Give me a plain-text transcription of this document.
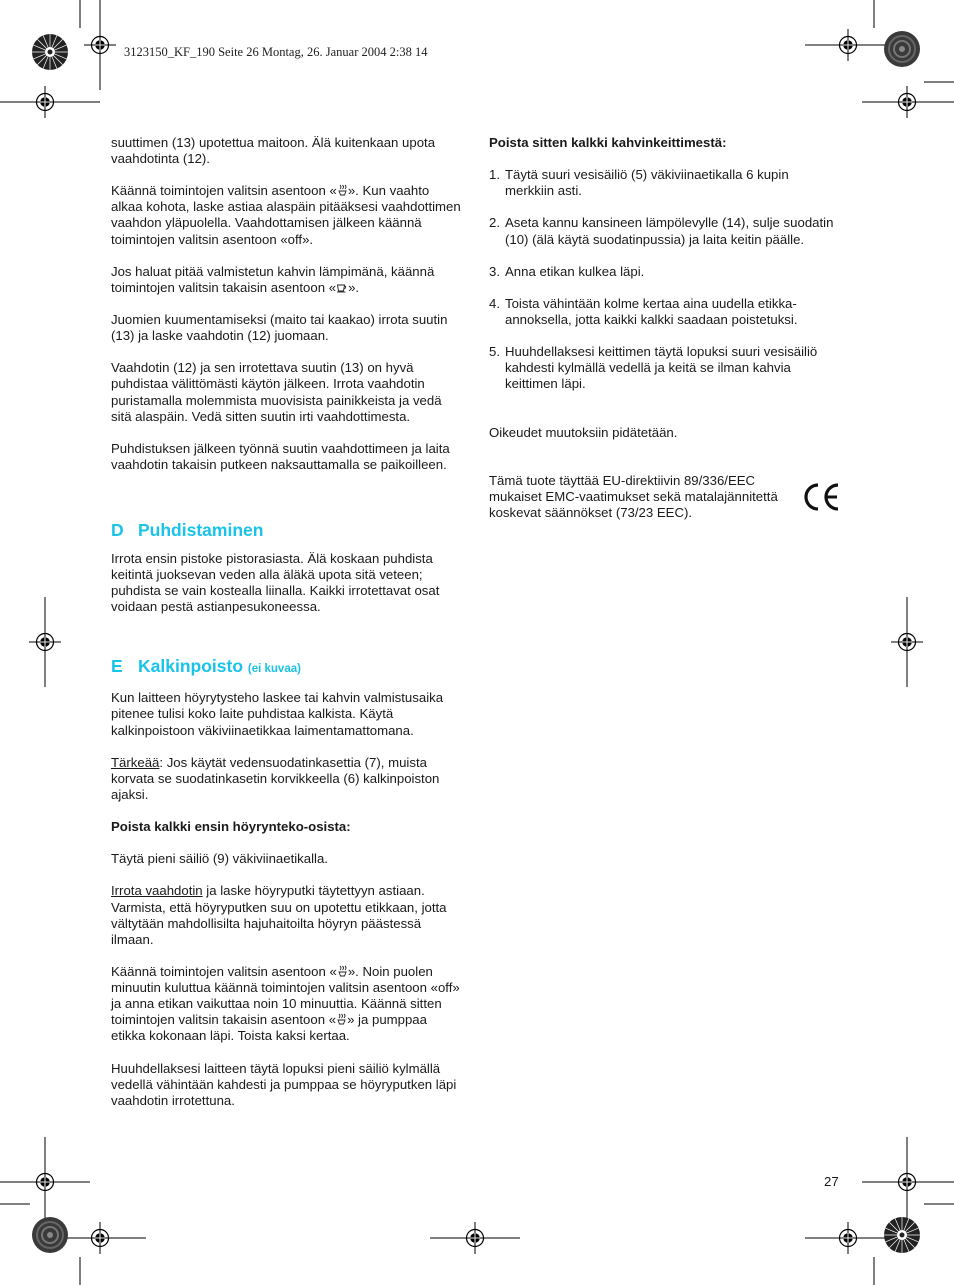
3123150_KF_190 Seite 26 Montag, 26. Januar 2004 2:38 14

suuttimen (13) upotettua maitoon. Älä kuitenkaan upota vaahdotinta (12).

Käännä toimintojen valitsin asentoon « ». Kun vaahto alkaa kohota, laske astiaa alaspäin pitääksesi vaahdottimen vaahdon yläpuolella. Vaahdottamisen jälkeen käännä toimintojen valitsin asentoon «off».

Jos haluat pitää valmistetun kahvin lämpimänä, käännä toimintojen valitsin takaisin asentoon « ».

Juomien kuumentamiseksi (maito tai kaakao) irrota suutin (13) ja laske vaahdotin (12) juomaan.

Vaahdotin (12) ja sen irrotettava suutin (13) on hyvä puhdistaa välittömästi käytön jälkeen. Irrota vaahdotin puristamalla molemmista muovisista painikkeista ja vedä sitä alaspäin. Vedä sitten suutin irti vaahdottimesta.

Puhdistuksen jälkeen työnnä suutin vaahdottimeen ja laita vaahdotin takaisin putkeen naksauttamalla se paikoilleen.

D Puhdistaminen

Irrota ensin pistoke pistorasiasta. Älä koskaan puhdista keitintä juoksevan veden alla äläkä upota sitä veteen; puhdista se vain kostealla liinalla. Kaikki irrotettavat osat voidaan pestä astianpesukoneessa.

E Kalkinpoisto (ei kuvaa)

Kun laitteen höyrytysteho laskee tai kahvin valmistusaika pitenee tulisi koko laite puhdistaa kalkista. Käytä kalkinpoistoon väkiviinaetikkaa laimentamattomana.

Tärkeää: Jos käytät vedensuodatinkasettia (7), muista korvata se suodatinkasetin korvikkeella (6) kalkinpoiston ajaksi.

Poista kalkki ensin höyrynteko-osista:

Täytä pieni säiliö (9) väkiviinaetikalla.

Irrota vaahdotin ja laske höyryputki täytettyyn astiaan. Varmista, että höyryputken suu on upotettu etikkaan, jotta vältytään mahdollisilta hajuhaitoilta höyryn päästessä ilmaan.

Käännä toimintojen valitsin asentoon « ». Noin puolen minuutin kuluttua käännä toimintojen valitsin asentoon «off» ja anna etikan vaikuttaa noin 10 minuuttia. Käännä sitten toimintojen valitsin takaisin asentoon « » ja pumppaa etikka kokonaan läpi. Toista kaksi kertaa.

Huuhdellaksesi laitteen täytä lopuksi pieni säiliö kylmällä vedellä vähintään kahdesti ja pumppaa se höyryputken läpi vaahdotin irrotettuna.

Poista sitten kalkki kahvinkeittimestä:

1. Täytä suuri vesisäiliö (5) väkiviinaetikalla 6 kupin merkkiin asti.
2. Aseta kannu kansineen lämpölevylle (14), sulje suodatin (10) (älä käytä suodatinpussia) ja laita keitin päälle.
3. Anna etikan kulkea läpi.
4. Toista vähintään kolme kertaa aina uudella etikka-annoksella, jotta kaikki kalkki saadaan poistetuksi.
5. Huuhdellaksesi keittimen täytä lopuksi suuri vesisäiliö kahdesti kylmällä vedellä ja keitä se ilman kahvia keittimen läpi.

Oikeudet muutoksiin pidätetään.

Tämä tuote täyttää EU-direktiivin 89/336/EEC mukaiset EMC-vaatimukset sekä matalajännitettä koskevat säännökset (73/23 EEC).

27
